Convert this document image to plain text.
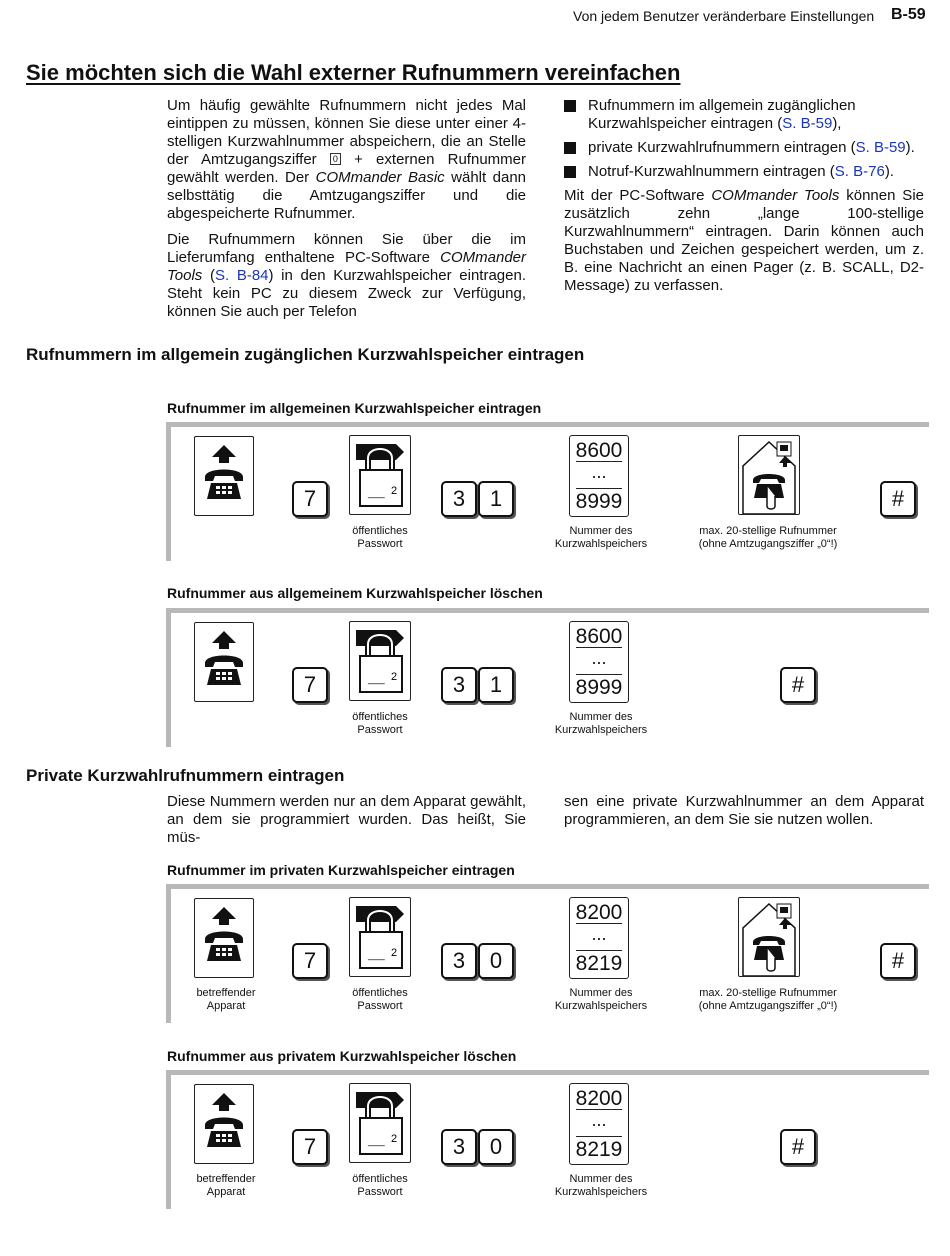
Von jedem Benutzer veränderbare Einstellungen B-59
Sie möchten sich die Wahl externer Rufnummern vereinfachen

Um häufig gewählte Rufnummern nicht jedes Mal eintippen zu müssen, können Sie diese unter einer 4-stelligen Kurzwahlnummer abspeichern, die an Stelle der Amtzugangsziffer 0 + externen Rufnummer gewählt werden. Der COMmander Basic wählt dann selbsttätig die Amtzugangsziffer und die abgespeicherte Rufnummer.

Die Rufnummern können Sie über die im Lieferumfang enthaltene PC-Software COMmander Tools (S. B-84) in den Kurzwahlspeicher eintragen. Steht kein PC zu diesem Zweck zur Verfügung, können Sie auch per Telefon

Rufnummern im allgemein zugänglichen Kurzwahlspeicher eintragen (S. B-59),
private Kurzwahlrufnummern eintragen (S. B-59).
Notruf-Kurzwahlnummern eintragen (S. B-76).
Mit der PC-Software COMmander Tools können Sie zusätzlich zehn „lange 100-stellige Kurzwahlnummern“ eintragen. Darin können auch Buchstaben und Zeichen gespeichert werden, um z. B. eine Nachricht an einen Pager (z. B. SCALL, D2-Message) zu verfassen.
Rufnummern im allgemein zugänglichen Kurzwahlspeicher eintragen
Rufnummer im allgemeinen Kurzwahlspeicher eintragen
7	3	1
8600
...
8999	#
öffentliches
Passwort
Nummer des
Kurzwahlspeichers
max. 20-stellige Rufnummer
(ohne Amtzugangsziffer „0“!)
Rufnummer aus allgemeinem Kurzwahlspeicher löschen
7	3	1
8600
...
8999	#
öffentliches
Passwort
Nummer des
Kurzwahlspeichers
Private Kurzwahlrufnummern eintragen
Diese Nummern werden nur an dem Apparat gewählt, an dem sie programmiert wurden. Das heißt, Sie müs-
sen eine private Kurzwahlnummer an dem Apparat programmieren, an dem Sie sie nutzen wollen.
Rufnummer im privaten Kurzwahlspeicher eintragen
7	3	0
8200
...
8219	#
betreffender
Apparat
öffentliches
Passwort
Nummer des
Kurzwahlspeichers
max. 20-stellige Rufnummer
(ohne Amtzugangsziffer „0“!)
Rufnummer aus privatem Kurzwahlspeicher löschen
7	3	0
8200
...
8219	#
betreffender
Apparat
öffentliches
Passwort
Nummer des
Kurzwahlspeichers
